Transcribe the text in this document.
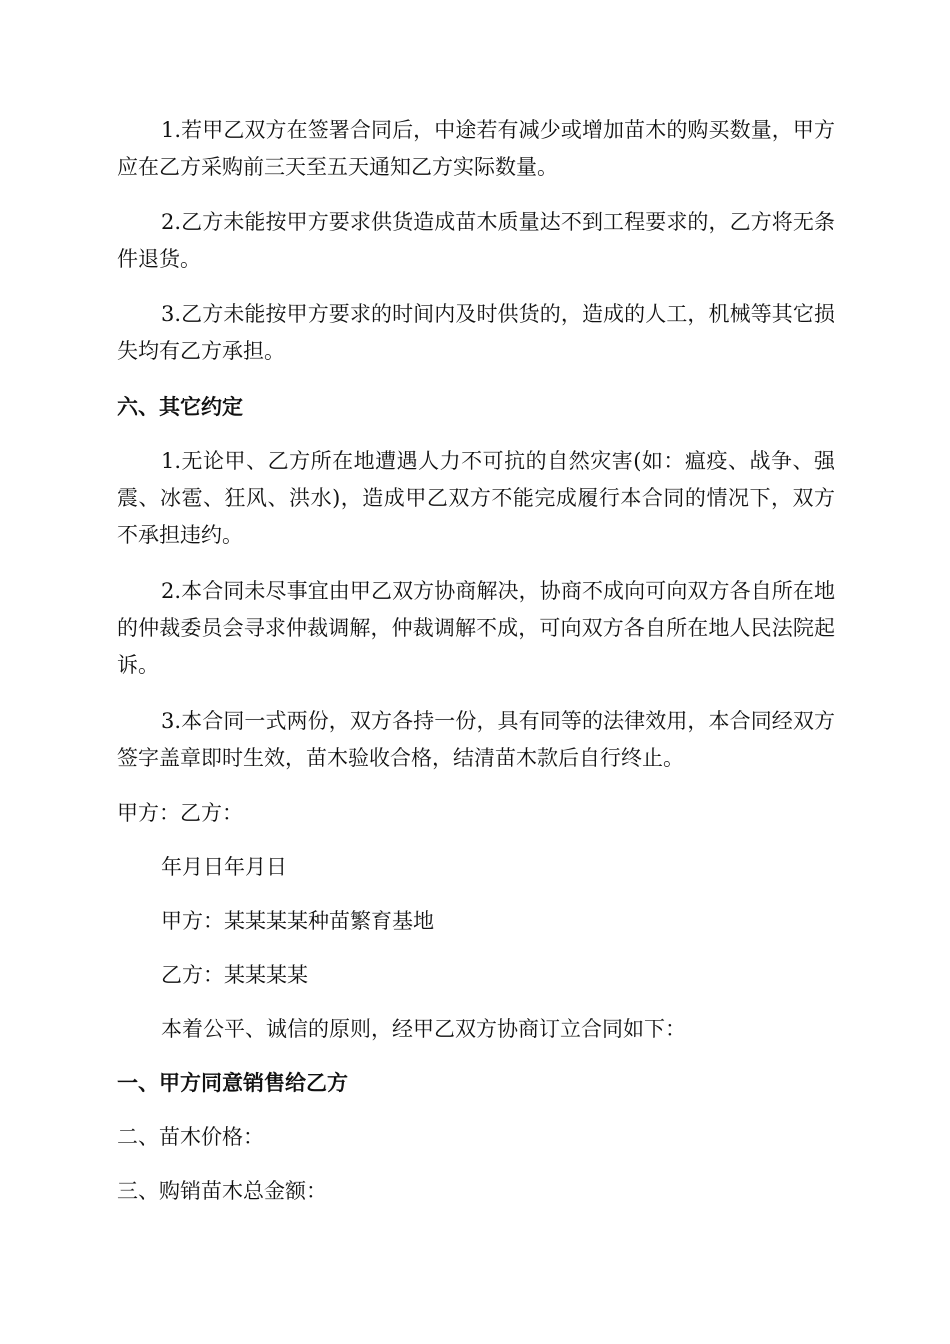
1.若甲乙双方在签署合同后，中途若有减少或增加苗木的购买数量，甲方应在乙方采购前三天至五天通知乙方实际数量。

2.乙方未能按甲方要求供货造成苗木质量达不到工程要求的，乙方将无条件退货。

3.乙方未能按甲方要求的时间内及时供货的，造成的人工，机械等其它损失均有乙方承担。

六、其它约定

1.无论甲、乙方所在地遭遇人力不可抗的自然灾害(如：瘟疫、战争、强震、冰雹、狂风、洪水)，造成甲乙双方不能完成履行本合同的情况下，双方不承担违约。

2.本合同未尽事宜由甲乙双方协商解决，协商不成向可向双方各自所在地的仲裁委员会寻求仲裁调解，仲裁调解不成，可向双方各自所在地人民法院起诉。

3.本合同一式两份，双方各持一份，具有同等的法律效用，本合同经双方签字盖章即时生效，苗木验收合格，结清苗木款后自行终止。

甲方：乙方：

年月日年月日

甲方：某某某某种苗繁育基地

乙方：某某某某

本着公平、诚信的原则，经甲乙双方协商订立合同如下：

一、甲方同意销售给乙方

二、苗木价格：

三、购销苗木总金额：
